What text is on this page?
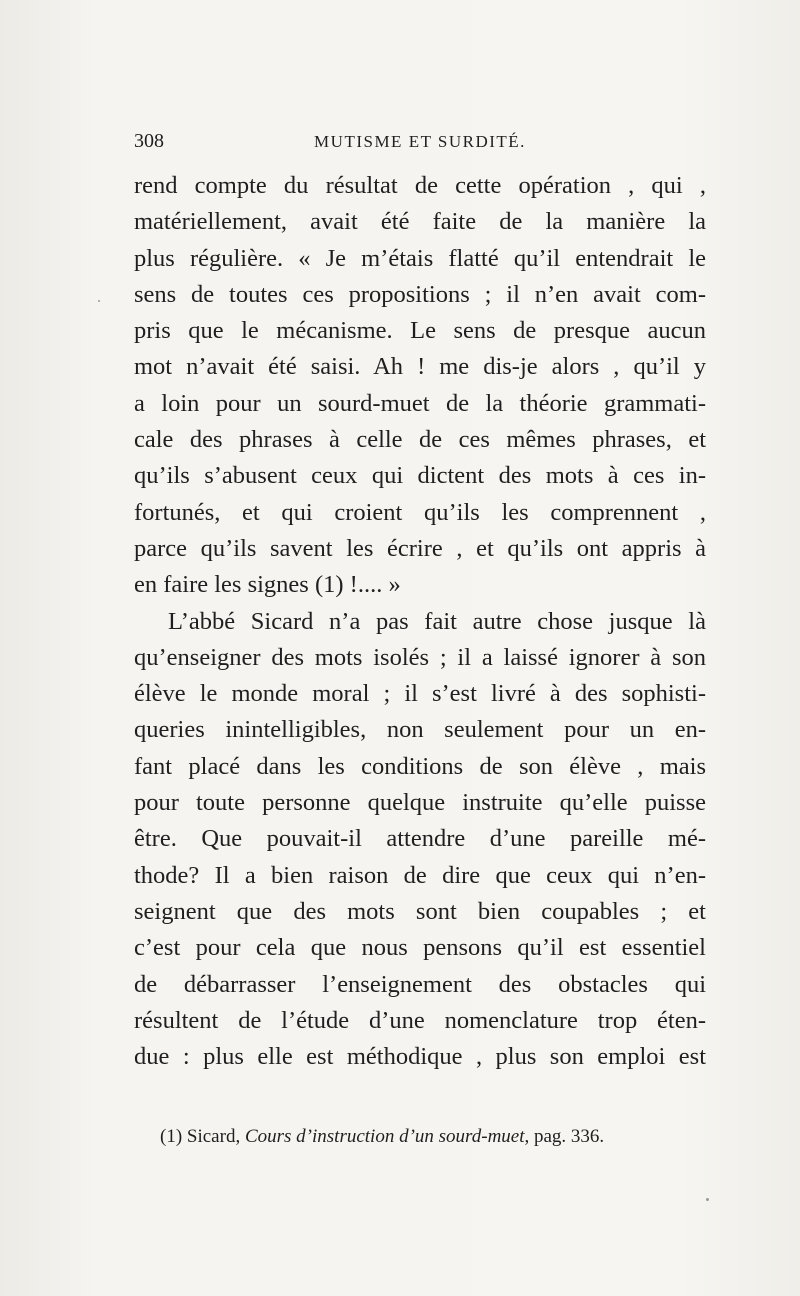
308	MUTISME ET SURDITÉ.
rend compte du résultat de cette opération , qui ,
matériellement, avait été faite de la manière la
plus régulière. « Je m’étais flatté qu’il entendrait le
sens de toutes ces propositions ; il n’en avait com-
pris que le mécanisme. Le sens de presque aucun
mot n’avait été saisi. Ah ! me dis-je alors , qu’il y
a loin pour un sourd-muet de la théorie grammati-
cale des phrases à celle de ces mêmes phrases, et
qu’ils s’abusent ceux qui dictent des mots à ces in-
fortunés, et qui croient qu’ils les comprennent ,
parce qu’ils savent les écrire , et qu’ils ont appris à
en faire les signes (1) !.... »
L’abbé Sicard n’a pas fait autre chose jusque là
qu’enseigner des mots isolés ; il a laissé ignorer à son
élève le monde moral ; il s’est livré à des sophisti-
queries inintelligibles, non seulement pour un en-
fant placé dans les conditions de son élève , mais
pour toute personne quelque instruite qu’elle puisse
être. Que pouvait-il attendre d’une pareille mé-
thode? Il a bien raison de dire que ceux qui n’en-
seignent que des mots sont bien coupables ; et
c’est pour cela que nous pensons qu’il est essentiel
de débarrasser l’enseignement des obstacles qui
résultent de l’étude d’une nomenclature trop éten-
due : plus elle est méthodique , plus son emploi est
(1) Sicard, Cours d’instruction d’un sourd-muet, pag. 336.
